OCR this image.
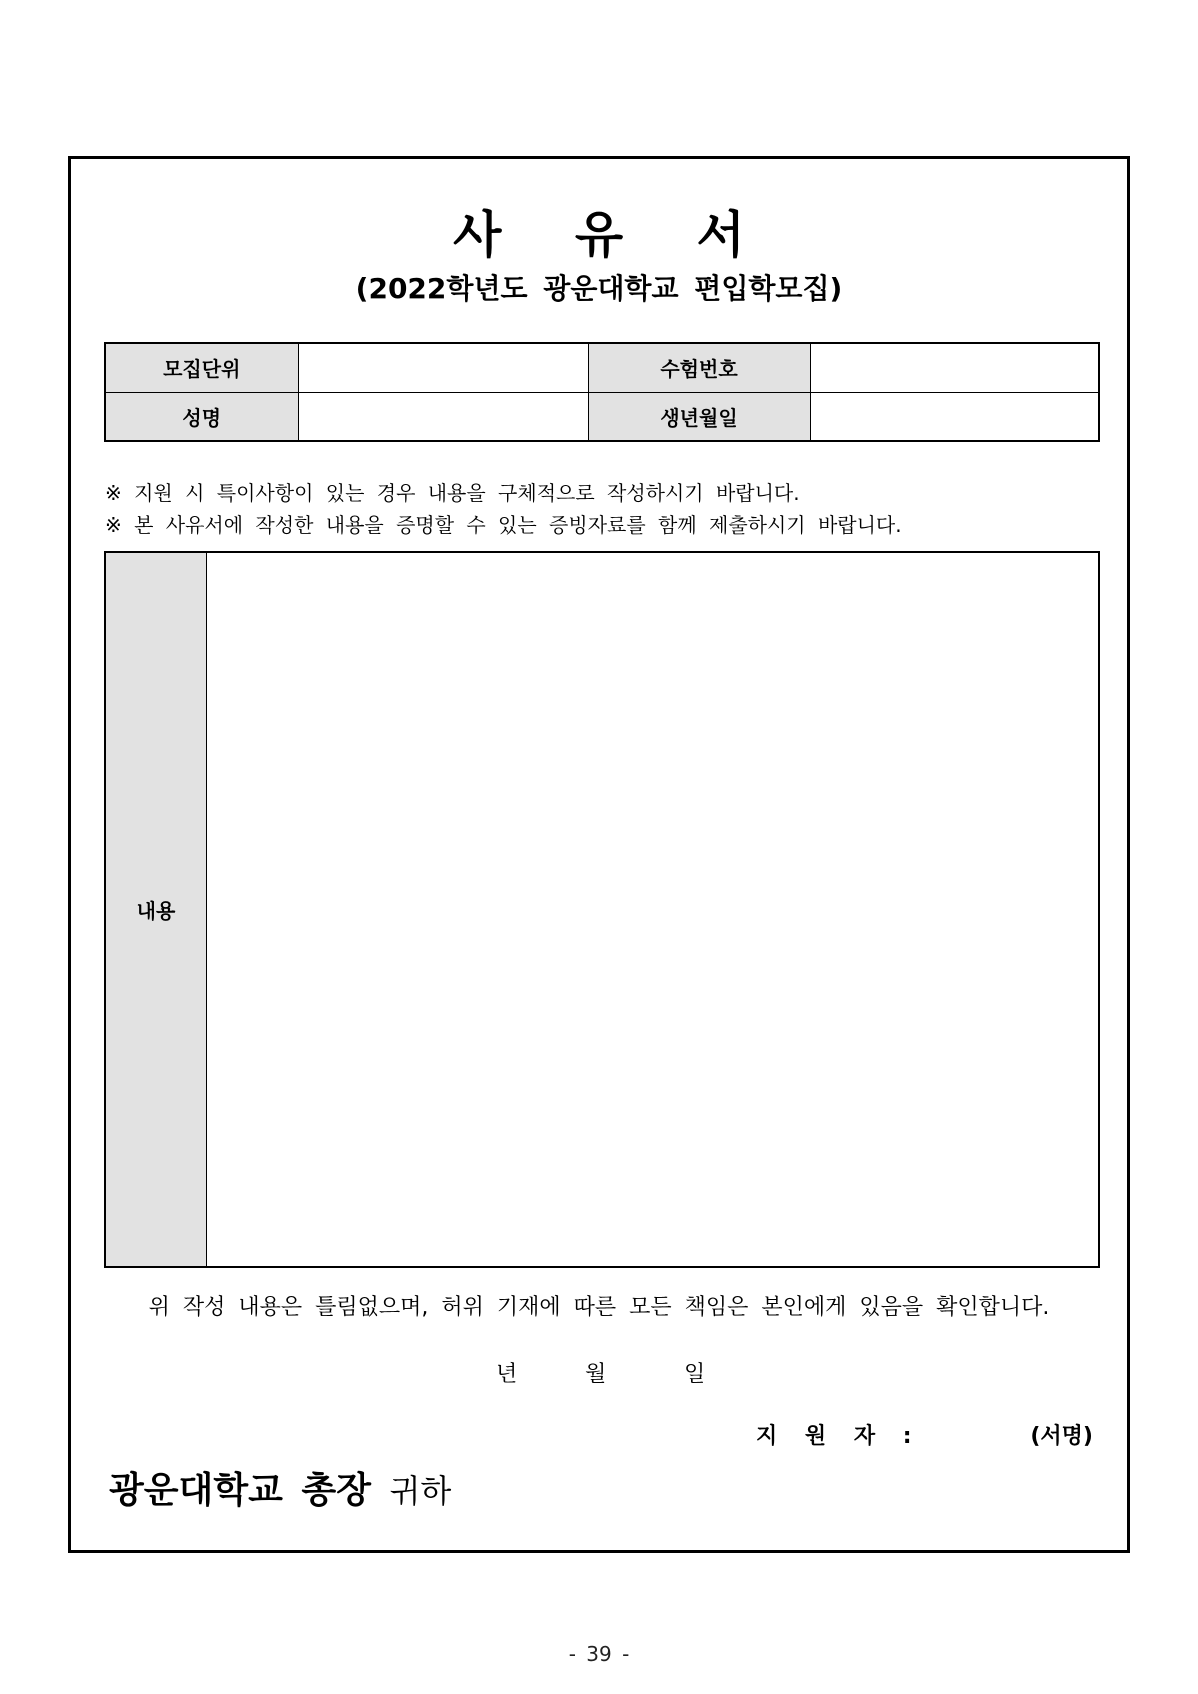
사 유 서
(2022학년도 광운대학교 편입학모집)
모집단위		수험번호	
성명		생년월일	
※ 지원 시 특이사항이 있는 경우 내용을 구체적으로 작성하시기 바랍니다.
※ 본 사유서에 작성한 내용을 증명할 수 있는 증빙자료를 함께 제출하시기 바랍니다.
내용
위 작성 내용은 틀림없으며, 허위 기재에 따른 모든 책임은 본인에게 있음을 확인합니다.
년	월	일
지 원 자 :	(서명)
광운대학교 총장 귀하
- 39 -
